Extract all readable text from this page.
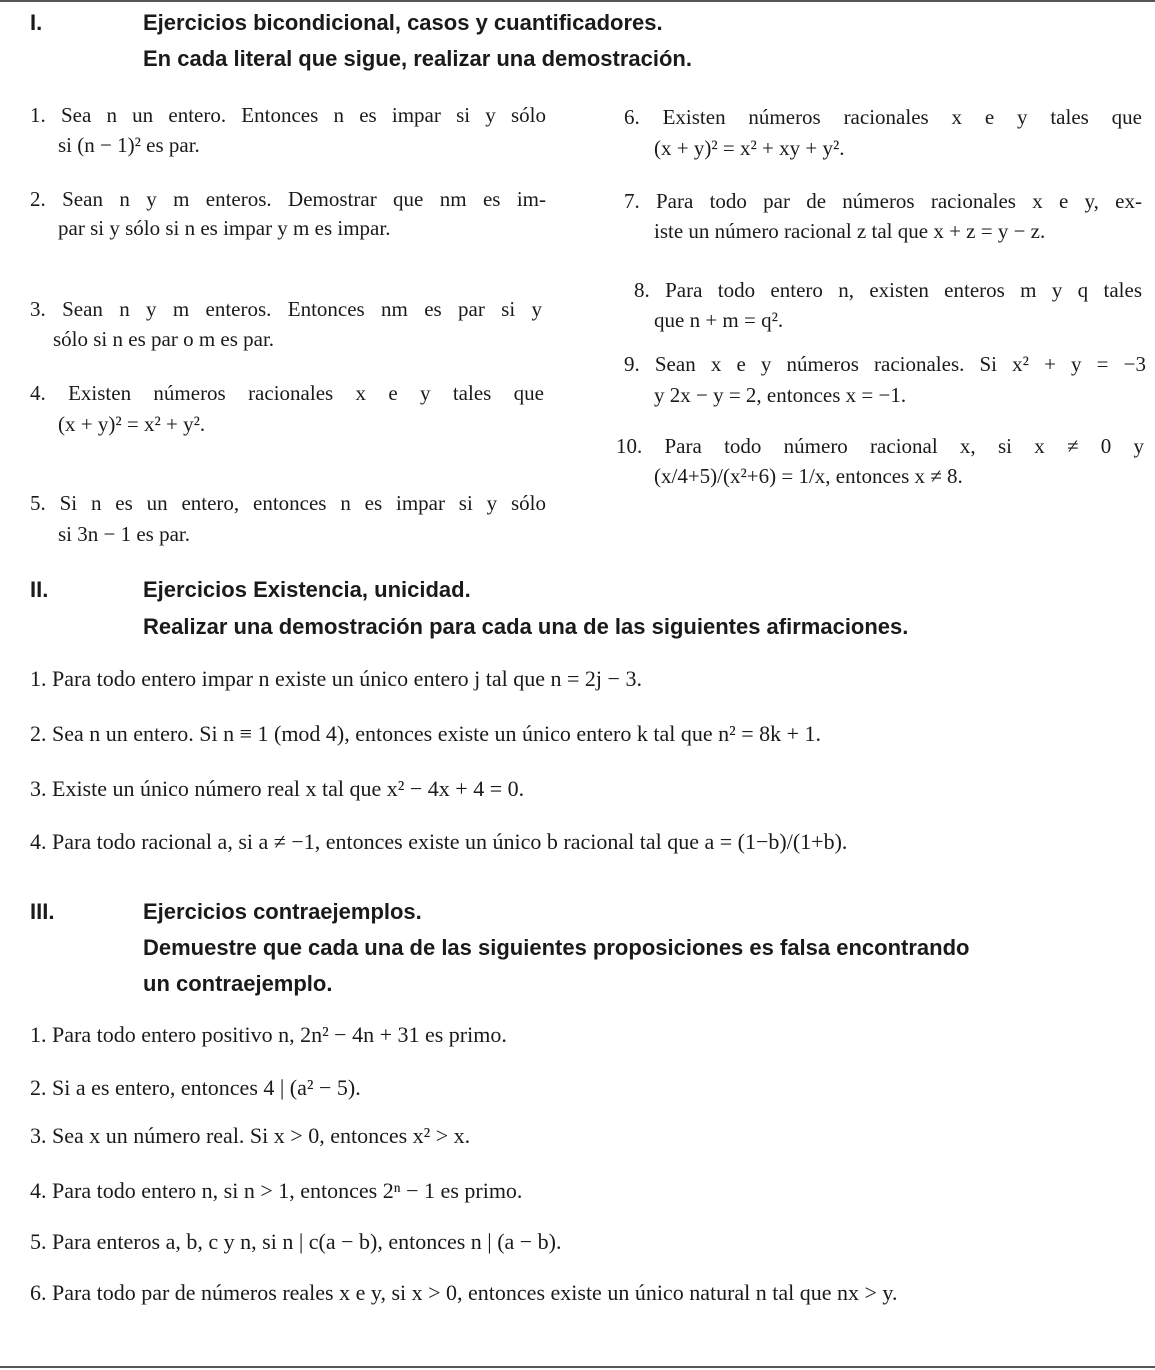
I.	Ejercicios bicondicional, casos y cuantificadores.
En cada literal que sigue, realizar una demostración.
1. Sea n un entero. Entonces n es impar si y sólo
si (n − 1)² es par.
2. Sean n y m enteros. Demostrar que nm es im-
par si y sólo si n es impar y m es impar.
3. Sean n y m enteros. Entonces nm es par si y
sólo si n es par o m es par.
4. Existen números racionales x e y tales que
(x + y)² = x² + y².
5. Si n es un entero, entonces n es impar si y sólo
si 3n − 1 es par.
6. Existen números racionales x e y tales que
(x + y)² = x² + xy + y².
7. Para todo par de números racionales x e y, ex-
iste un número racional z tal que x + z = y − z.
8. Para todo entero n, existen enteros m y q tales
que n + m = q².
9. Sean x e y números racionales. Si x² + y = −3
y 2x − y = 2, entonces x = −1.
10. Para todo número racional x, si x ≠ 0 y
(x/4+5)/(x²+6) = 1/x, entonces x ≠ 8.
II.	Ejercicios Existencia, unicidad.
Realizar una demostración para cada una de las siguientes afirmaciones.
1. Para todo entero impar n existe un único entero j tal que n = 2j − 3.
2. Sea n un entero. Si n ≡ 1 (mod 4), entonces existe un único entero k tal que n² = 8k + 1.
3. Existe un único número real x tal que x² − 4x + 4 = 0.
4. Para todo racional a, si a ≠ −1, entonces existe un único b racional tal que a = (1−b)/(1+b).
III.	Ejercicios contraejemplos.
Demuestre que cada una de las siguientes proposiciones es falsa encontrando
un contraejemplo.
1. Para todo entero positivo n, 2n² − 4n + 31 es primo.
2. Si a es entero, entonces 4 | (a² − 5).
3. Sea x un número real. Si x > 0, entonces x² > x.
4. Para todo entero n, si n > 1, entonces 2ⁿ − 1 es primo.
5. Para enteros a, b, c y n, si n | c(a − b), entonces n | (a − b).
6. Para todo par de números reales x e y, si x > 0, entonces existe un único natural n tal que nx > y.
